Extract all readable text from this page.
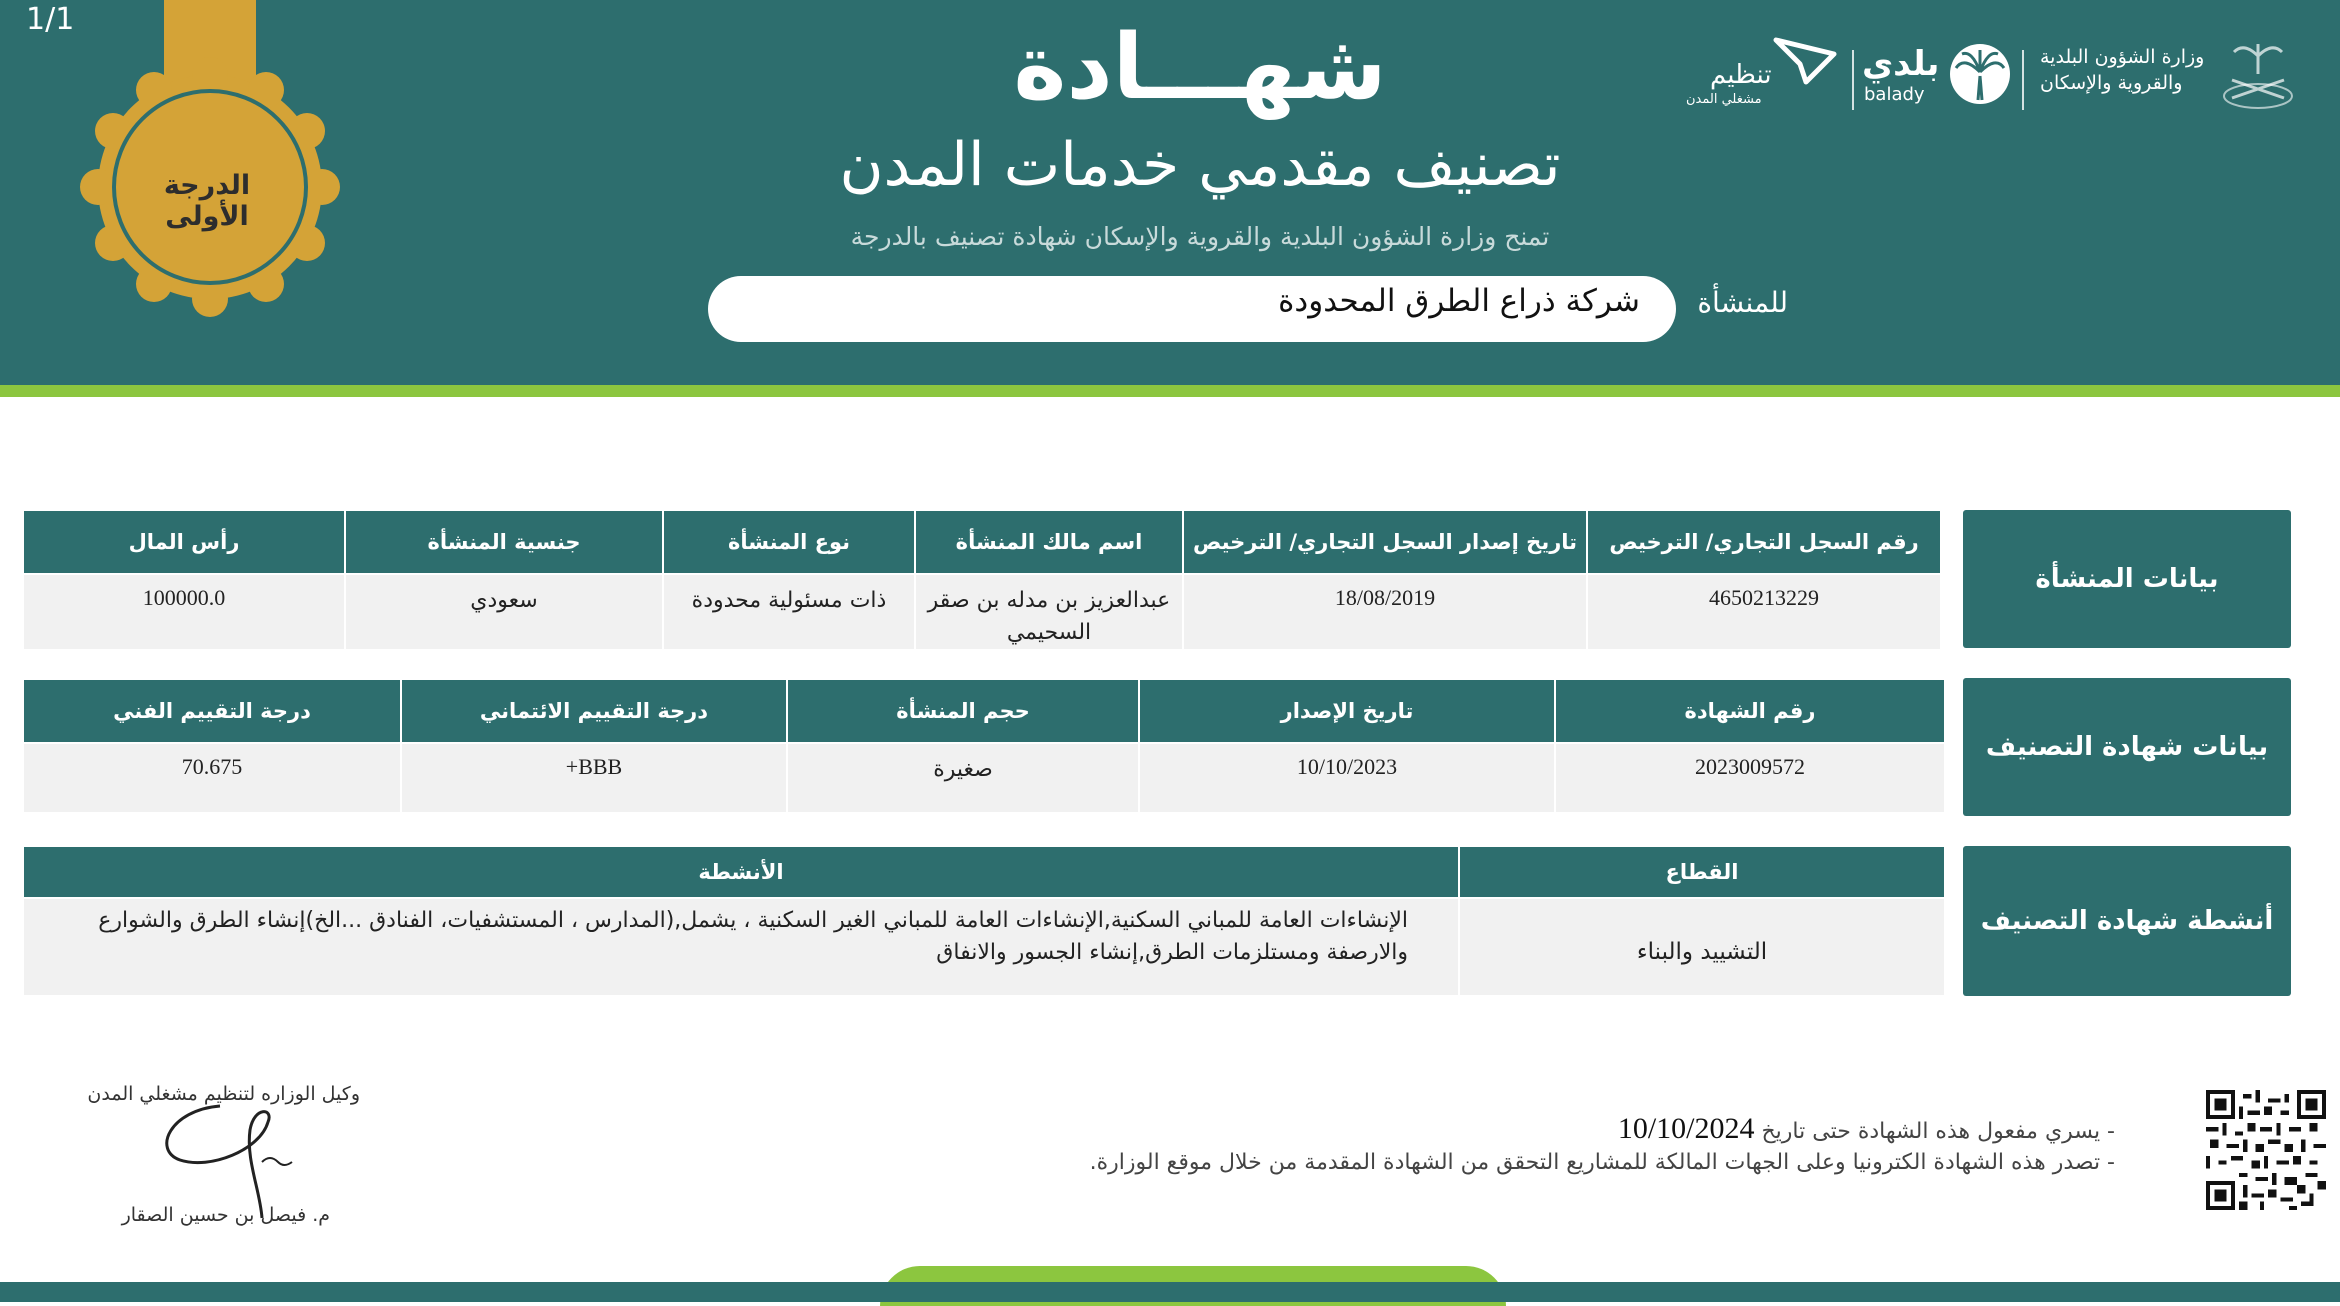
1/1
الدرجة الأولى
شهـــادة
تصنيف مقدمي خدمات المدن
تمنح وزارة الشؤون البلدية والقروية والإسكان شهادة تصنيف بالدرجة
شركة ذراع الطرق المحدودة	للمنشأة
تنظيم
مشغلي المدن
بلدي
balady
وزارة الشؤون البلدية
والقروية والإسكان
بيانات المنشأة
رقم السجل التجاري/ الترخيص	تاريخ إصدار السجل التجاري/ الترخيص	اسم مالك المنشأة	نوع المنشأة	جنسية المنشأة	رأس المال
4650213229	18/08/2019	عبدالعزيز بن مدله بن صقر السحيمي	ذات مسئولية محدودة	سعودي	100000.0
بيانات شهادة التصنيف
رقم الشهادة	تاريخ الإصدار	حجم المنشأة	درجة التقييم الائتماني	درجة التقييم الفني
2023009572	10/10/2023	صغيرة	BBB+	70.675
أنشطة شهادة التصنيف
القطاع	الأنشطة
التشييد والبناء	الإنشاءات العامة للمباني السكنية,الإنشاءات العامة للمباني الغير السكنية ، يشمل,(المدارس ، المستشفيات، الفنادق ...الخ)إنشاء الطرق والشوارع والارصفة ومستلزمات الطرق,إنشاء الجسور والانفاق
- يسري مفعول هذه الشهادة حتى تاريخ 10/10/2024
- تصدر هذه الشهادة الكترونيا وعلى الجهات المالكة للمشاريع التحقق من الشهادة المقدمة من خلال موقع الوزارة.
وكيل الوزاره لتنظيم مشغلي المدن
م. فيصل بن حسين الصقار
